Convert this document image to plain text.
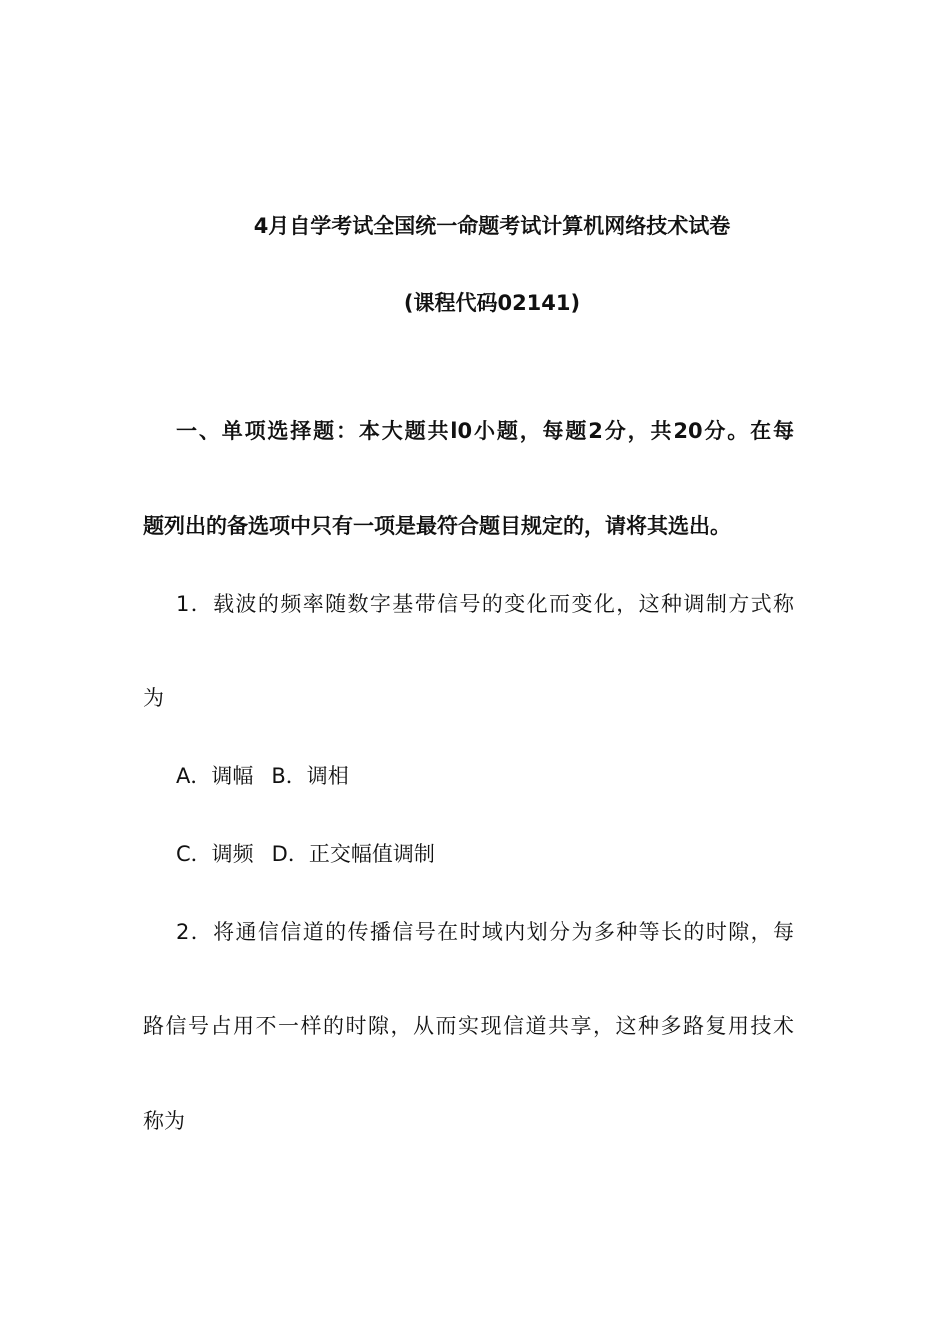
4月自学考试全国统一命题考试计算机网络技术试卷

(课程代码02141)

一、单项选择题：本大题共l0小题，每题2分，共20分。在每

题列出的备选项中只有一项是最符合题目规定的，请将其选出。

1．载波的频率随数字基带信号的变化而变化，这种调制方式称

为

A．调幅 B．调相

C．调频 D．正交幅值调制

2．将通信信道的传播信号在时域内划分为多种等长的时隙，每

路信号占用不一样的时隙，从而实现信道共享，这种多路复用技术

称为
